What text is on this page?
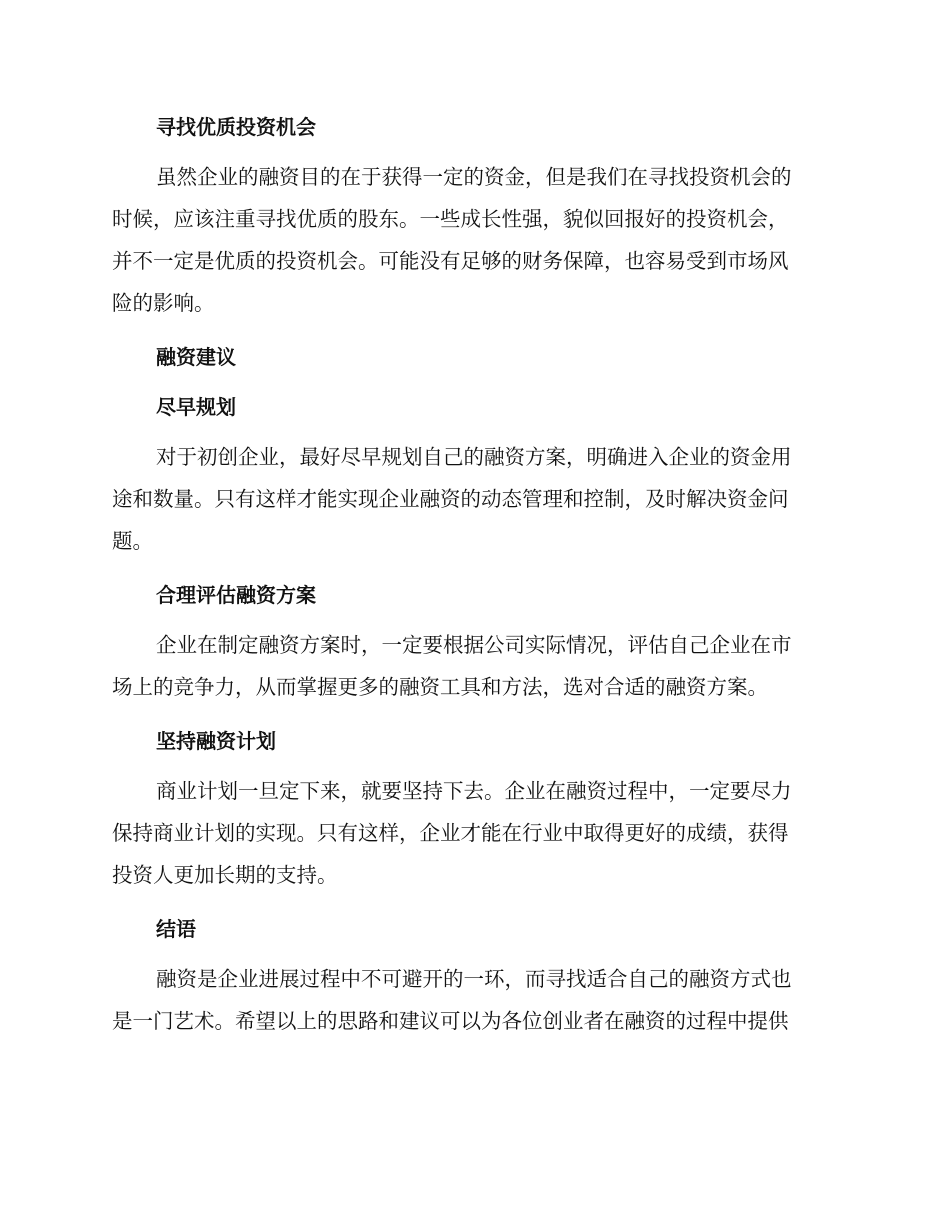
寻找优质投资机会

虽然企业的融资目的在于获得一定的资金，但是我们在寻找投资机会的
时候，应该注重寻找优质的股东。一些成长性强，貌似回报好的投资机会，
并不一定是优质的投资机会。可能没有足够的财务保障，也容易受到市场风
险的影响。

融资建议
尽早规划

对于初创企业，最好尽早规划自己的融资方案，明确进入企业的资金用
途和数量。只有这样才能实现企业融资的动态管理和控制，及时解决资金问
题。

合理评估融资方案

企业在制定融资方案时，一定要根据公司实际情况，评估自己企业在市
场上的竞争力，从而掌握更多的融资工具和方法，选对合适的融资方案。

坚持融资计划

商业计划一旦定下来，就要坚持下去。企业在融资过程中，一定要尽力
保持商业计划的实现。只有这样，企业才能在行业中取得更好的成绩，获得
投资人更加长期的支持。

结语

融资是企业进展过程中不可避开的一环，而寻找适合自己的融资方式也
是一门艺术。希望以上的思路和建议可以为各位创业者在融资的过程中提供
